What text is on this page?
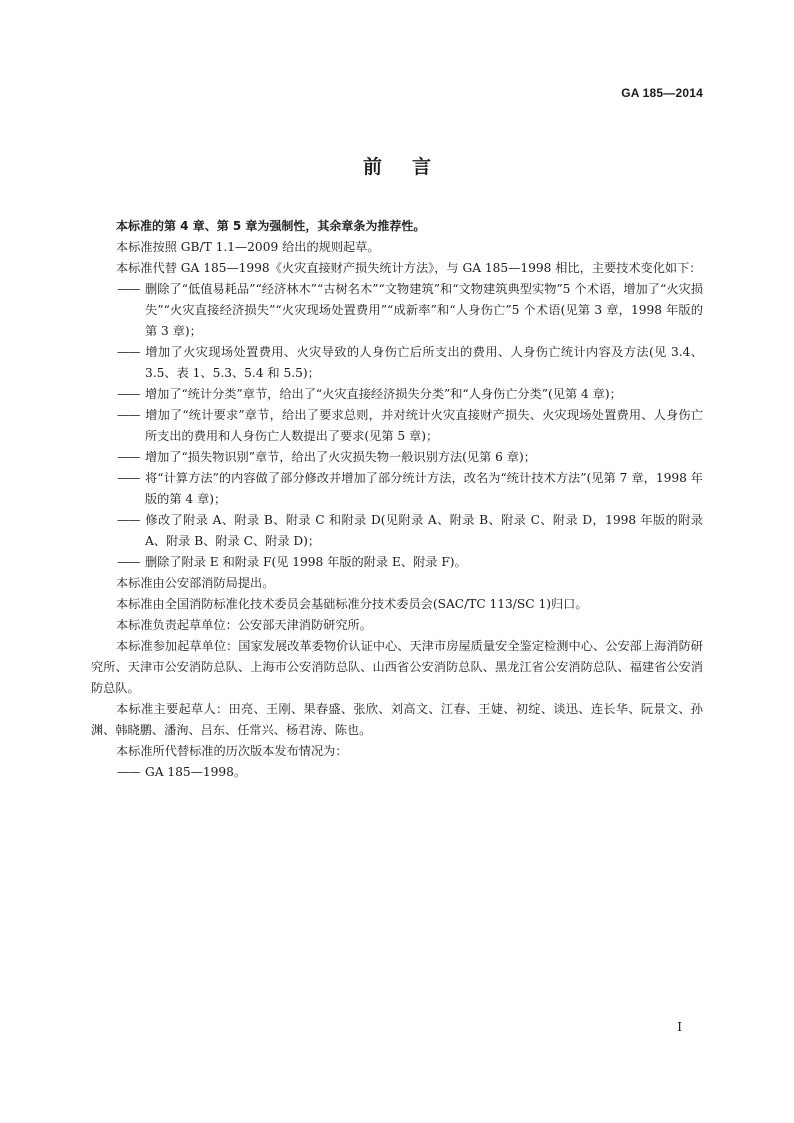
GA 185—2014
前言

本标准的第 4 章、第 5 章为强制性，其余章条为推荐性。

本标准按照 GB/T 1.1—2009 给出的规则起草。

本标准代替 GA 185—1998《火灾直接财产损失统计方法》，与 GA 185—1998 相比，主要技术变化如下：

—— 删除了“低值易耗品”“经济林木”“古树名木”“文物建筑”和“文物建筑典型实物”5 个术语，增加了“火灾损失”“火灾直接经济损失”“火灾现场处置费用”“成新率”和“人身伤亡”5 个术语(见第 3 章，1998 年版的第 3 章)；

—— 增加了火灾现场处置费用、火灾导致的人身伤亡后所支出的费用、人身伤亡统计内容及方法(见 3.4、3.5、表 1、5.3、5.4 和 5.5)；

—— 增加了“统计分类”章节，给出了“火灾直接经济损失分类”和“人身伤亡分类”(见第 4 章)；

—— 增加了“统计要求”章节，给出了要求总则，并对统计火灾直接财产损失、火灾现场处置费用、人身伤亡所支出的费用和人身伤亡人数提出了要求(见第 5 章)；

—— 增加了“损失物识别”章节，给出了火灾损失物一般识别方法(见第 6 章)；

—— 将“计算方法”的内容做了部分修改并增加了部分统计方法，改名为“统计技术方法”(见第 7 章，1998 年版的第 4 章)；

—— 修改了附录 A、附录 B、附录 C 和附录 D(见附录 A、附录 B、附录 C、附录 D，1998 年版的附录 A、附录 B、附录 C、附录 D)；

—— 删除了附录 E 和附录 F(见 1998 年版的附录 E、附录 F)。

本标准由公安部消防局提出。

本标准由全国消防标准化技术委员会基础标准分技术委员会(SAC/TC 113/SC 1)归口。

本标准负责起草单位：公安部天津消防研究所。

本标准参加起草单位：国家发展改革委物价认证中心、天津市房屋质量安全鉴定检测中心、公安部上海消防研究所、天津市公安消防总队、上海市公安消防总队、山西省公安消防总队、黑龙江省公安消防总队、福建省公安消防总队。

本标准主要起草人：田亮、王刚、果春盛、张欣、刘高文、江春、王婕、初绽、谈迅、连长华、阮景文、孙渊、韩晓鹏、潘洵、吕东、任常兴、杨君涛、陈也。

本标准所代替标准的历次版本发布情况为：

—— GA 185—1998。

I
